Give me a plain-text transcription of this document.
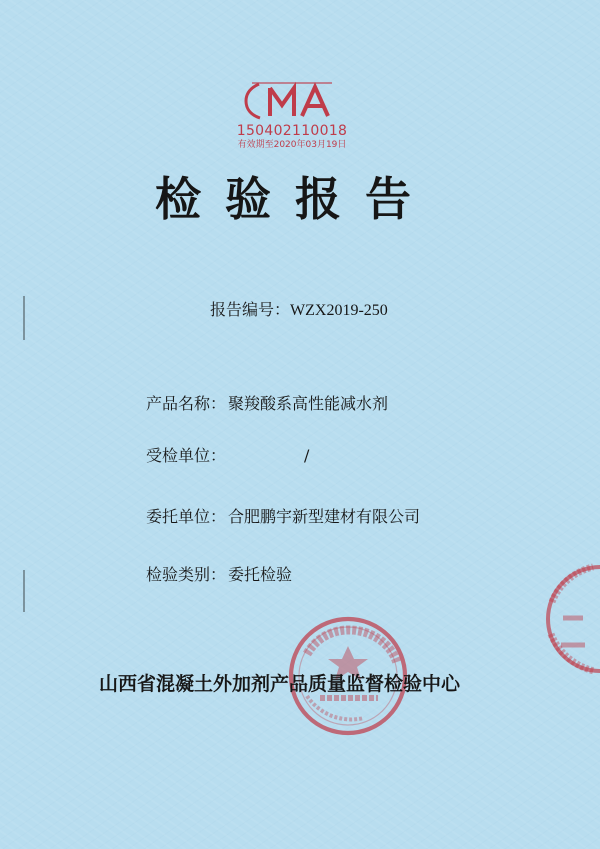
150402110018
有效期至2020年03月19日
检验报告
报告编号：WZX2019-250
产品名称： 聚羧酸系高性能减水剂
受检单位：	/
委托单位： 合肥鹏宇新型建材有限公司
检验类别： 委托检验
山西省混凝土外加剂产品质量监督检验中心
